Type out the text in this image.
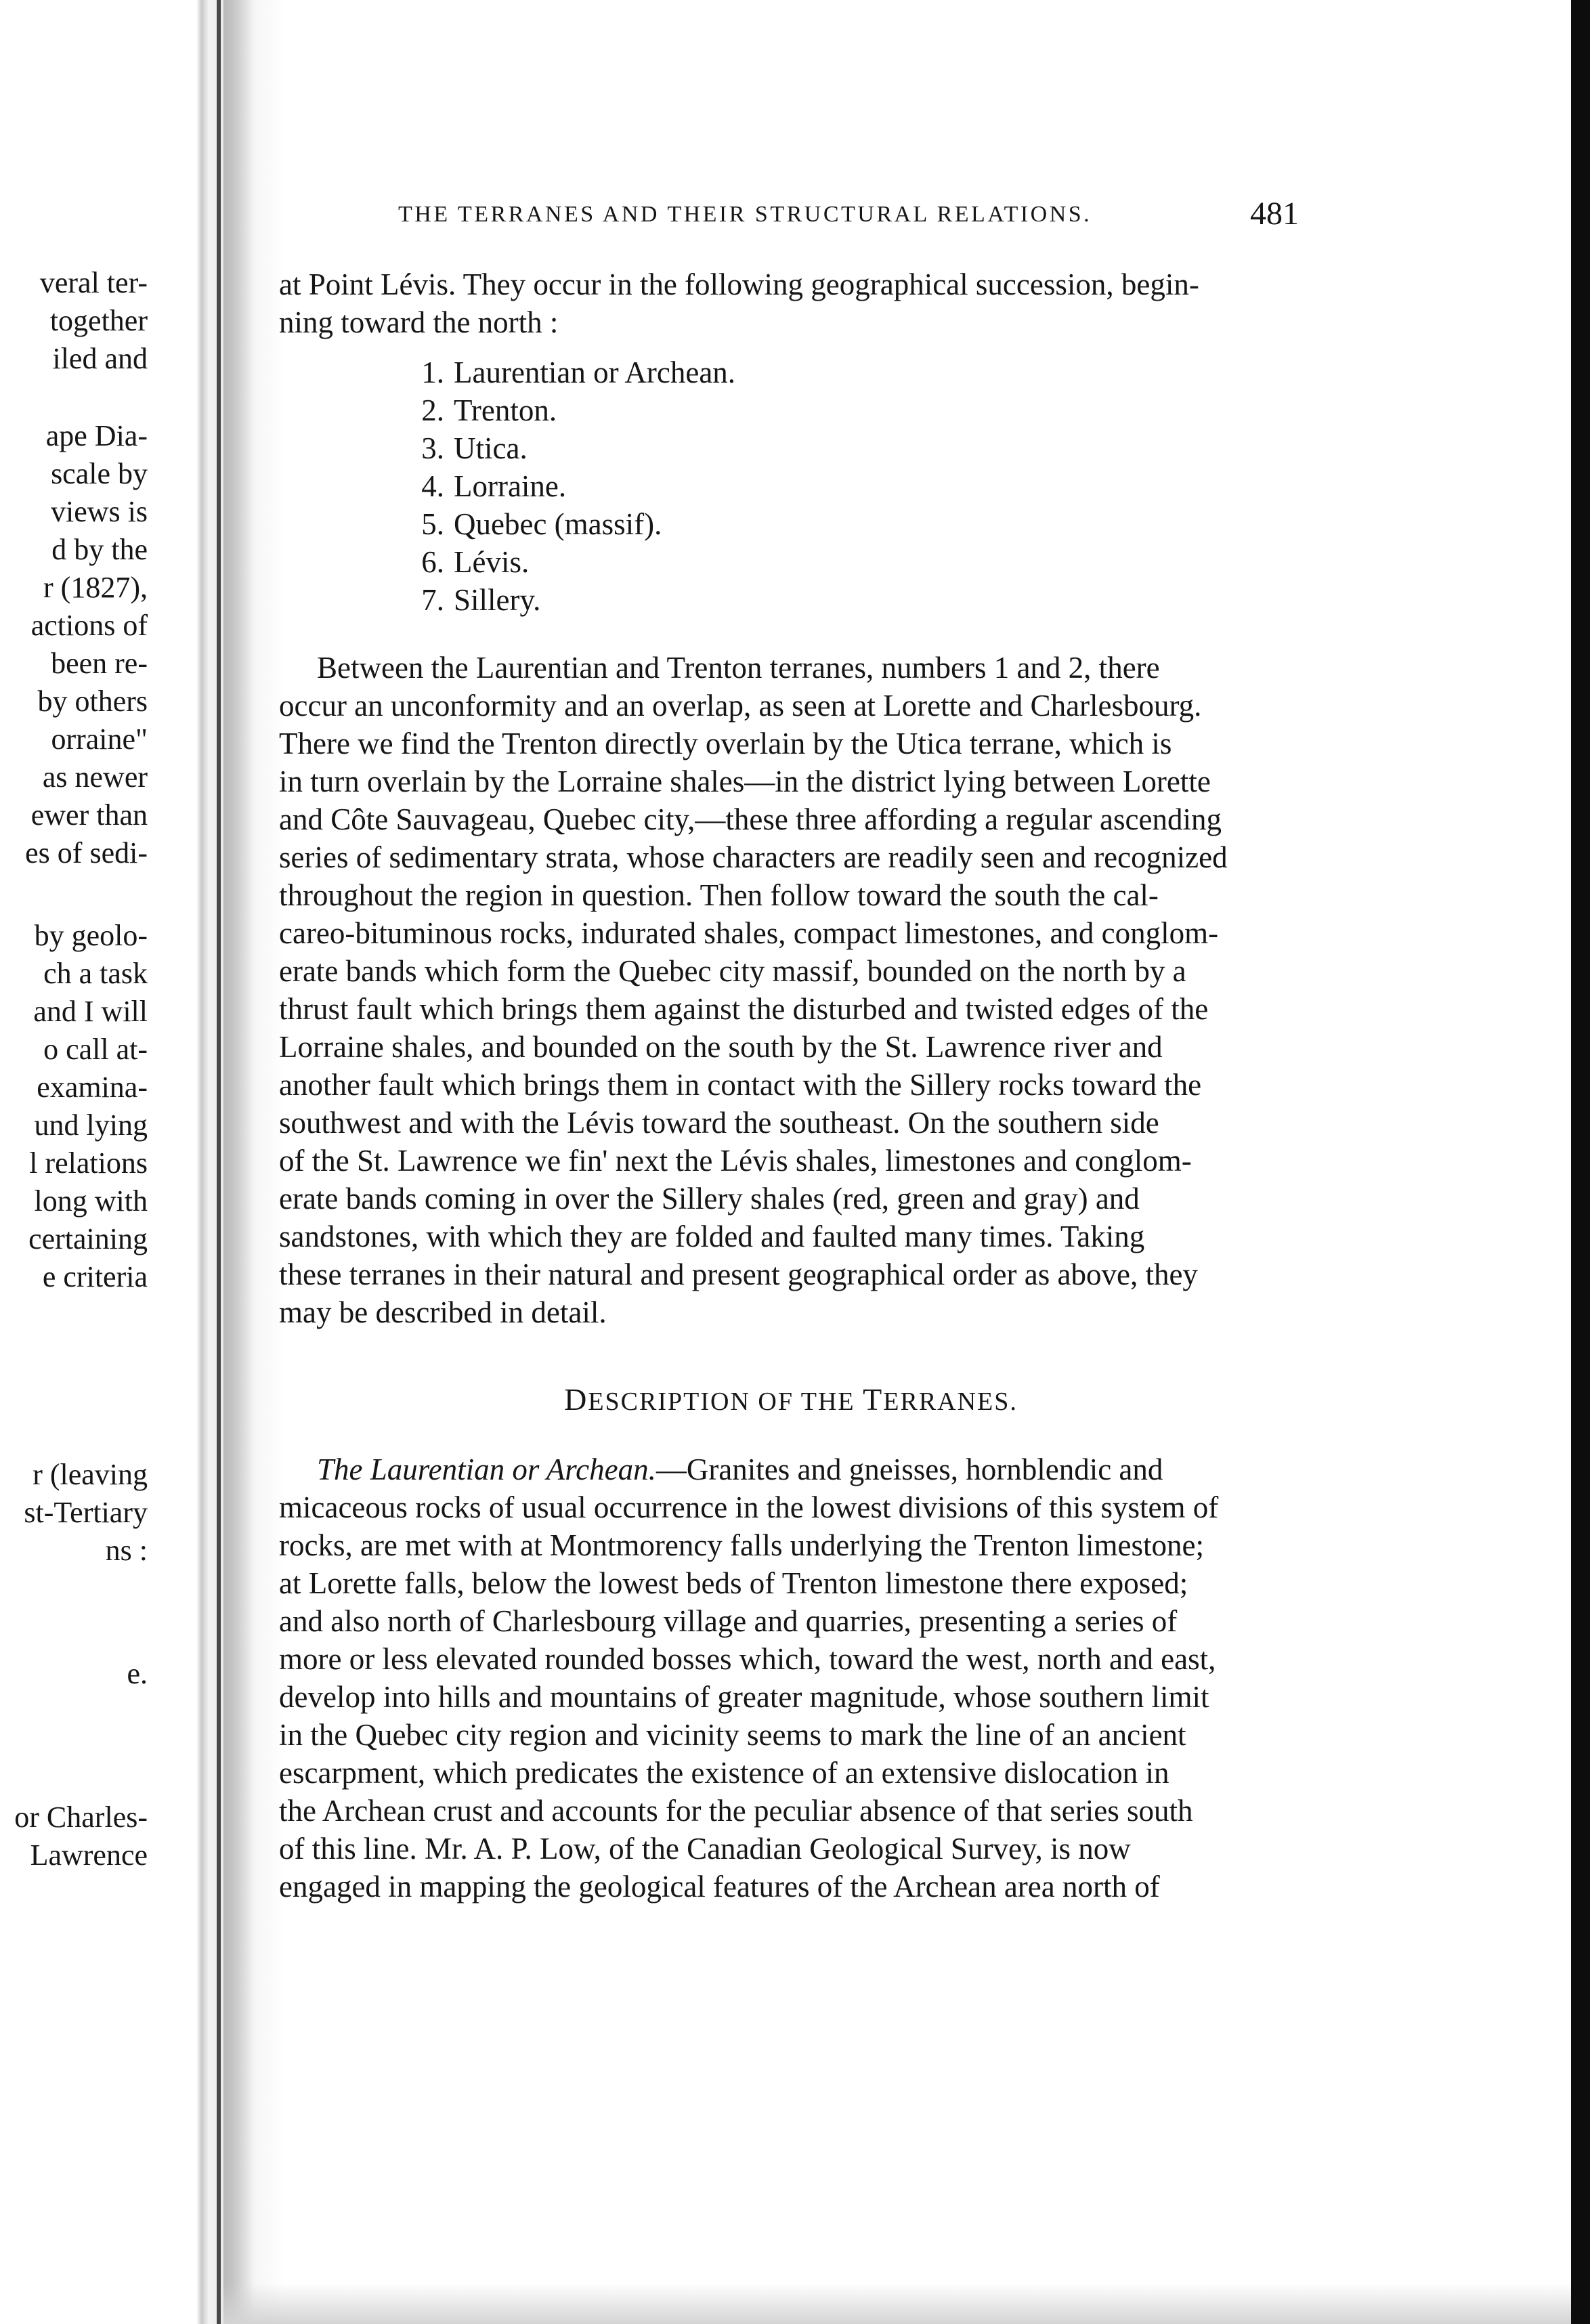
veral ter-
together
iled and
ape Dia-
scale by
views is
d by the
r (1827),
actions of
been re-
by others
orraine"
as newer
ewer than
es of sedi-
by geolo-
ch a task
and I will
o call at-
examina-
und lying
l relations
long with
certaining
e criteria
r (leaving
st-Tertiary
ns :
e.
or Charles-
Lawrence
THE TERRANES AND THEIR STRUCTURAL RELATIONS.	481
at Point Lévis. They occur in the following geographical succession, begin-
ning toward the north :
1. Laurentian or Archean.
2. Trenton.
3. Utica.
4. Lorraine.
5. Quebec (massif).
6. Lévis.
7. Sillery.
Between the Laurentian and Trenton terranes, numbers 1 and 2, there
occur an unconformity and an overlap, as seen at Lorette and Charlesbourg.
There we find the Trenton directly overlain by the Utica terrane, which is
in turn overlain by the Lorraine shales—in the district lying between Lorette
and Côte Sauvageau, Quebec city,—these three affording a regular ascending
series of sedimentary strata, whose characters are readily seen and recognized
throughout the region in question. Then follow toward the south the cal-
careo-bituminous rocks, indurated shales, compact limestones, and conglom-
erate bands which form the Quebec city massif, bounded on the north by a
thrust fault which brings them against the disturbed and twisted edges of the
Lorraine shales, and bounded on the south by the St. Lawrence river and
another fault which brings them in contact with the Sillery rocks toward the
southwest and with the Lévis toward the southeast. On the southern side
of the St. Lawrence we fin' next the Lévis shales, limestones and conglom-
erate bands coming in over the Sillery shales (red, green and gray) and
sandstones, with which they are folded and faulted many times. Taking
these terranes in their natural and present geographical order as above, they
may be described in detail.
DESCRIPTION OF THE TERRANES.
The Laurentian or Archean.—Granites and gneisses, hornblendic and
micaceous rocks of usual occurrence in the lowest divisions of this system of
rocks, are met with at Montmorency falls underlying the Trenton limestone;
at Lorette falls, below the lowest beds of Trenton limestone there exposed;
and also north of Charlesbourg village and quarries, presenting a series of
more or less elevated rounded bosses which, toward the west, north and east,
develop into hills and mountains of greater magnitude, whose southern limit
in the Quebec city region and vicinity seems to mark the line of an ancient
escarpment, which predicates the existence of an extensive dislocation in
the Archean crust and accounts for the peculiar absence of that series south
of this line. Mr. A. P. Low, of the Canadian Geological Survey, is now
engaged in mapping the geological features of the Archean area north of
